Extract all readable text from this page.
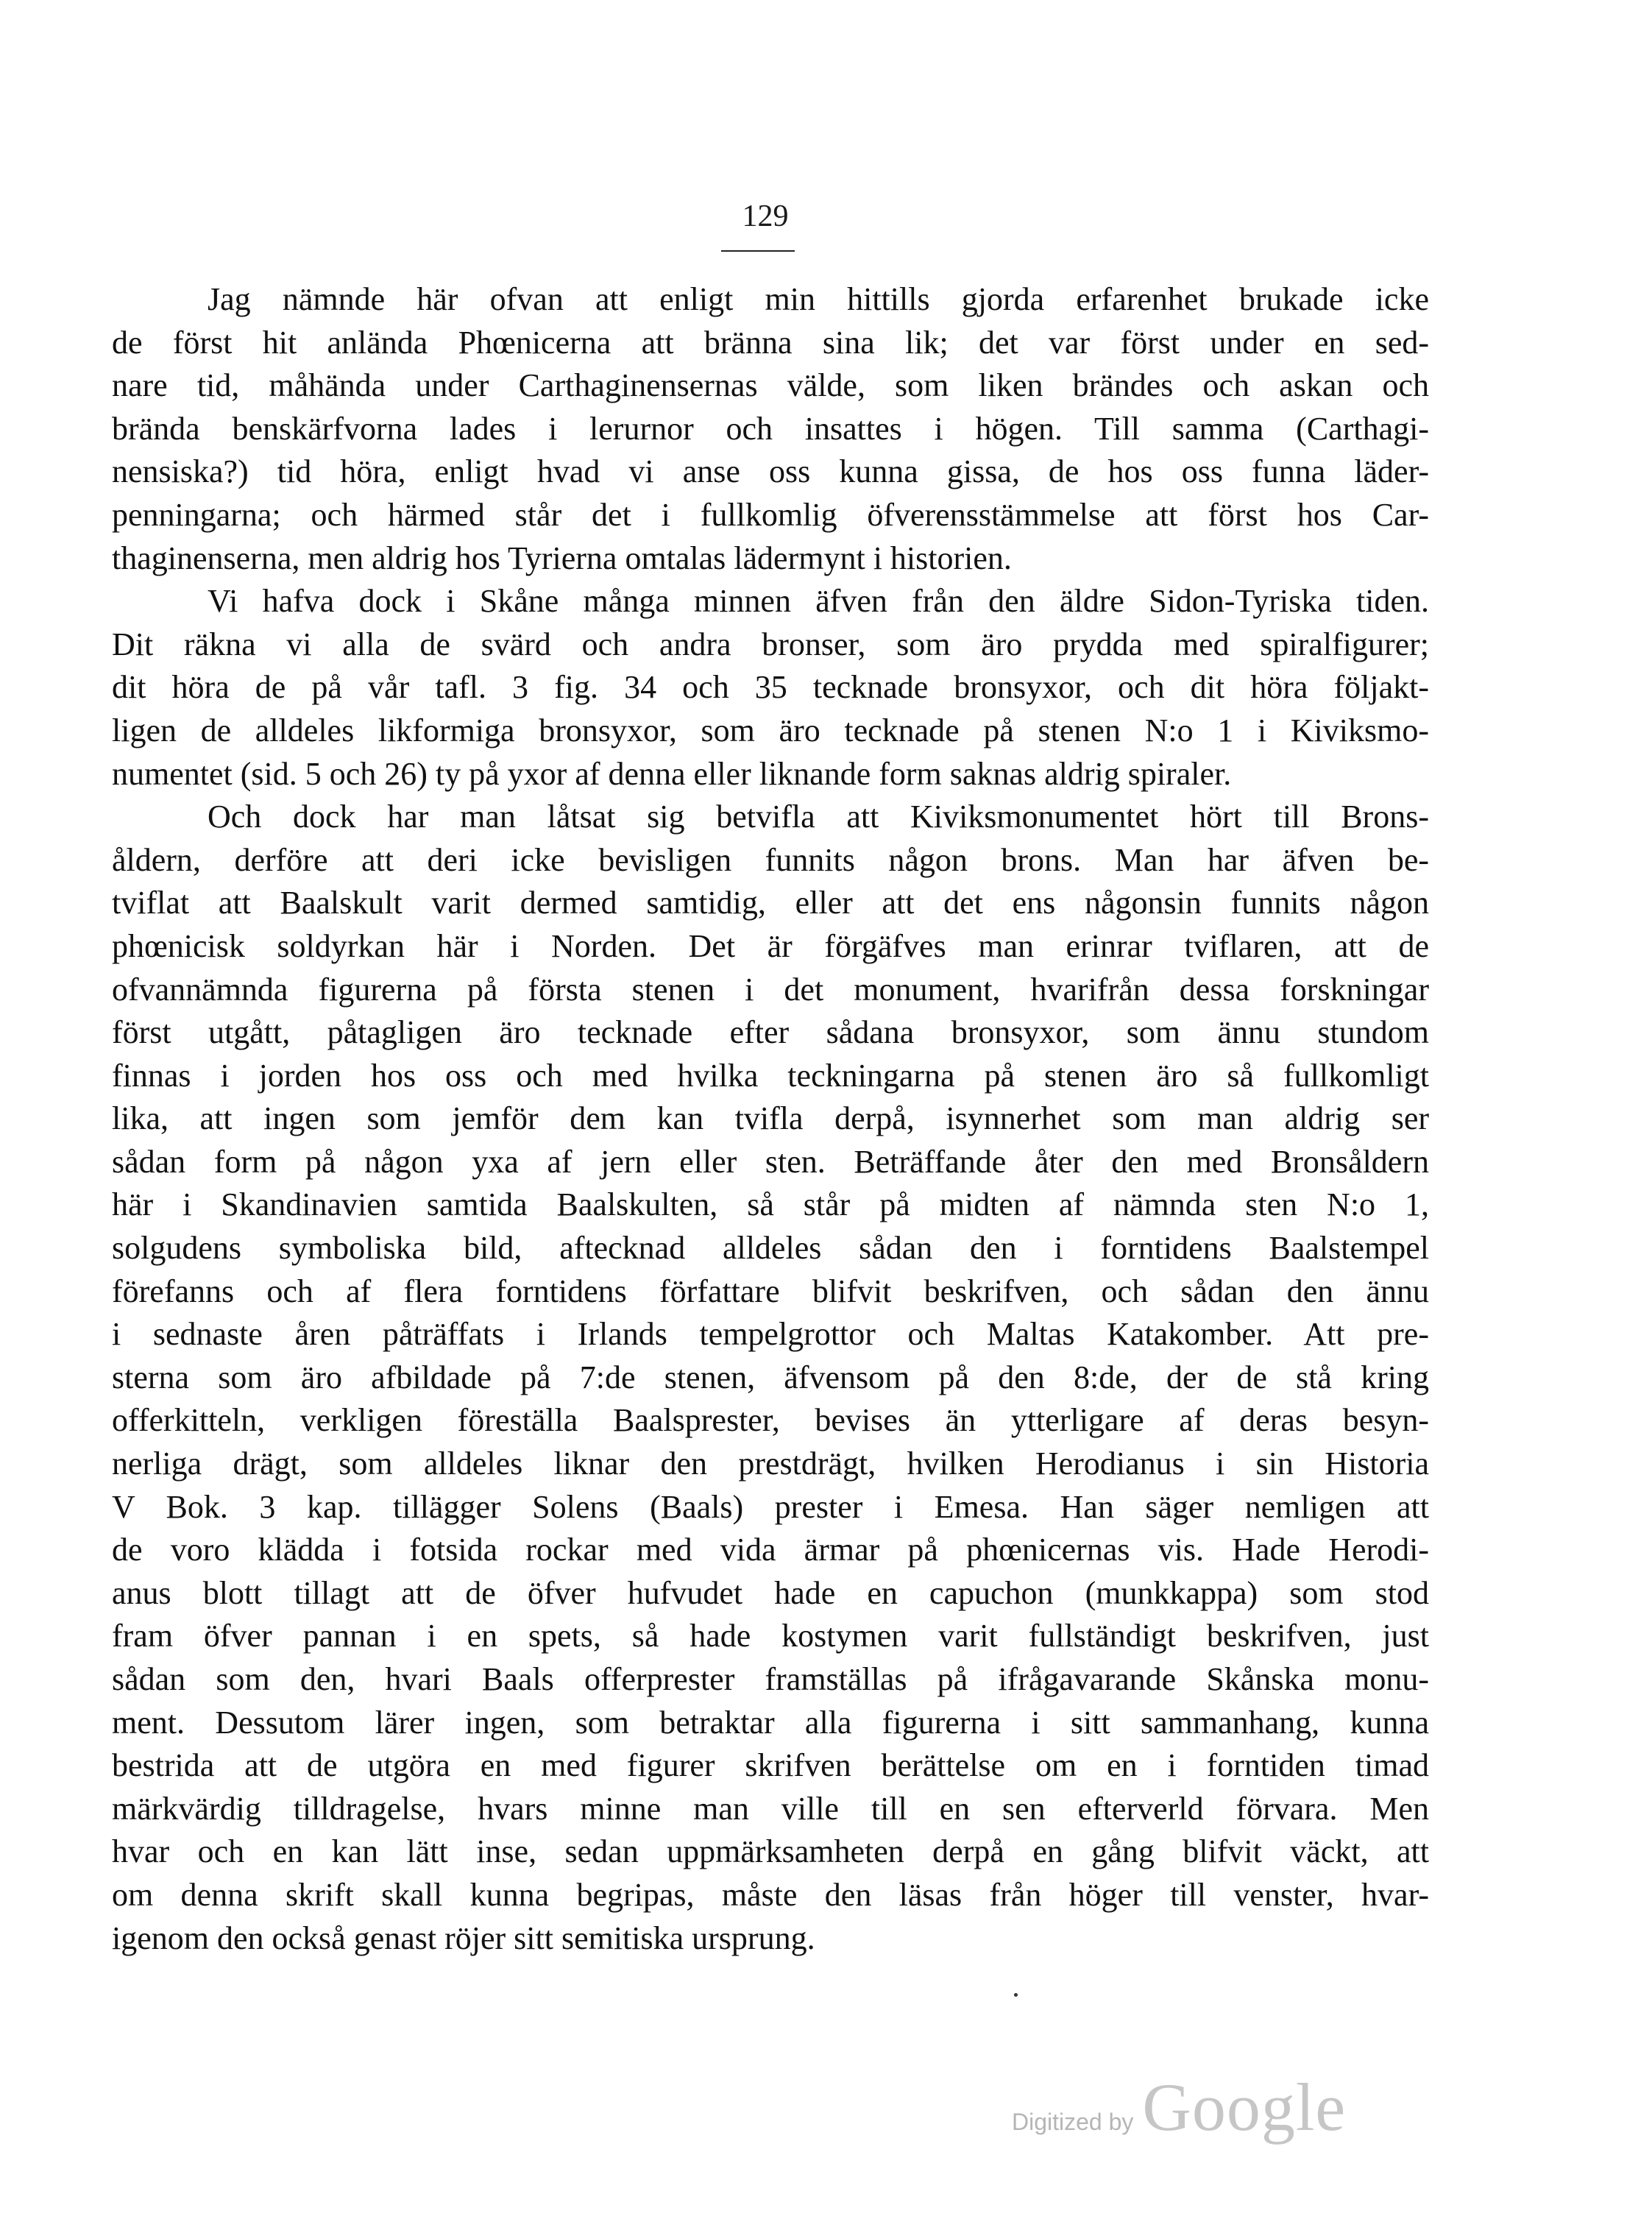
129
Jag nämnde här ofvan att enligt min hittills gjorda erfarenhet brukade icke
de först hit anlända Phœnicerna att bränna sina lik; det var först under en sed-
nare tid, måhända under Carthaginensernas välde, som liken brändes och askan och
brända benskärfvorna lades i lerurnor och insattes i högen. Till samma (Carthagi-
nensiska?) tid höra, enligt hvad vi anse oss kunna gissa, de hos oss funna läder-
penningarna; och härmed står det i fullkomlig öfverensstämmelse att först hos Car-
thaginenserna, men aldrig hos Tyrierna omtalas lädermynt i historien.
Vi hafva dock i Skåne många minnen äfven från den äldre Sidon-Tyriska tiden.
Dit räkna vi alla de svärd och andra bronser, som äro prydda med spiralfigurer;
dit höra de på vår tafl. 3 fig. 34 och 35 tecknade bronsyxor, och dit höra följakt-
ligen de alldeles likformiga bronsyxor, som äro tecknade på stenen N:o 1 i Kiviksmo-
numentet (sid. 5 och 26) ty på yxor af denna eller liknande form saknas aldrig spiraler.
Och dock har man låtsat sig betvifla att Kiviksmonumentet hört till Brons-
åldern, derföre att deri icke bevisligen funnits någon brons. Man har äfven be-
tviflat att Baalskult varit dermed samtidig, eller att det ens någonsin funnits någon
phœnicisk soldyrkan här i Norden. Det är förgäfves man erinrar tviflaren, att de
ofvannämnda figurerna på första stenen i det monument, hvarifrån dessa forskningar
först utgått, påtagligen äro tecknade efter sådana bronsyxor, som ännu stundom
finnas i jorden hos oss och med hvilka teckningarna på stenen äro så fullkomligt
lika, att ingen som jemför dem kan tvifla derpå, isynnerhet som man aldrig ser
sådan form på någon yxa af jern eller sten. Beträffande åter den med Bronsåldern
här i Skandinavien samtida Baalskulten, så står på midten af nämnda sten N:o 1,
solgudens symboliska bild, aftecknad alldeles sådan den i forntidens Baalstempel
förefanns och af flera forntidens författare blifvit beskrifven, och sådan den ännu
i sednaste åren påträffats i Irlands tempelgrottor och Maltas Katakomber. Att pre-
sterna som äro afbildade på 7:de stenen, äfvensom på den 8:de, der de stå kring
offerkitteln, verkligen föreställa Baalsprester, bevises än ytterligare af deras besyn-
nerliga drägt, som alldeles liknar den prestdrägt, hvilken Herodianus i sin Historia
V Bok. 3 kap. tillägger Solens (Baals) prester i Emesa. Han säger nemligen att
de voro klädda i fotsida rockar med vida ärmar på phœnicernas vis. Hade Herodi-
anus blott tillagt att de öfver hufvudet hade en capuchon (munkkappa) som stod
fram öfver pannan i en spets, så hade kostymen varit fullständigt beskrifven, just
sådan som den, hvari Baals offerprester framställas på ifrågavarande Skånska monu-
ment. Dessutom lärer ingen, som betraktar alla figurerna i sitt sammanhang, kunna
bestrida att de utgöra en med figurer skrifven berättelse om en i forntiden timad
märkvärdig tilldragelse, hvars minne man ville till en sen efterverld förvara. Men
hvar och en kan lätt inse, sedan uppmärksamheten derpå en gång blifvit väckt, att
om denna skrift skall kunna begripas, måste den läsas från höger till venster, hvar-
igenom den också genast röjer sitt semitiska ursprung.
Digitized by Google
